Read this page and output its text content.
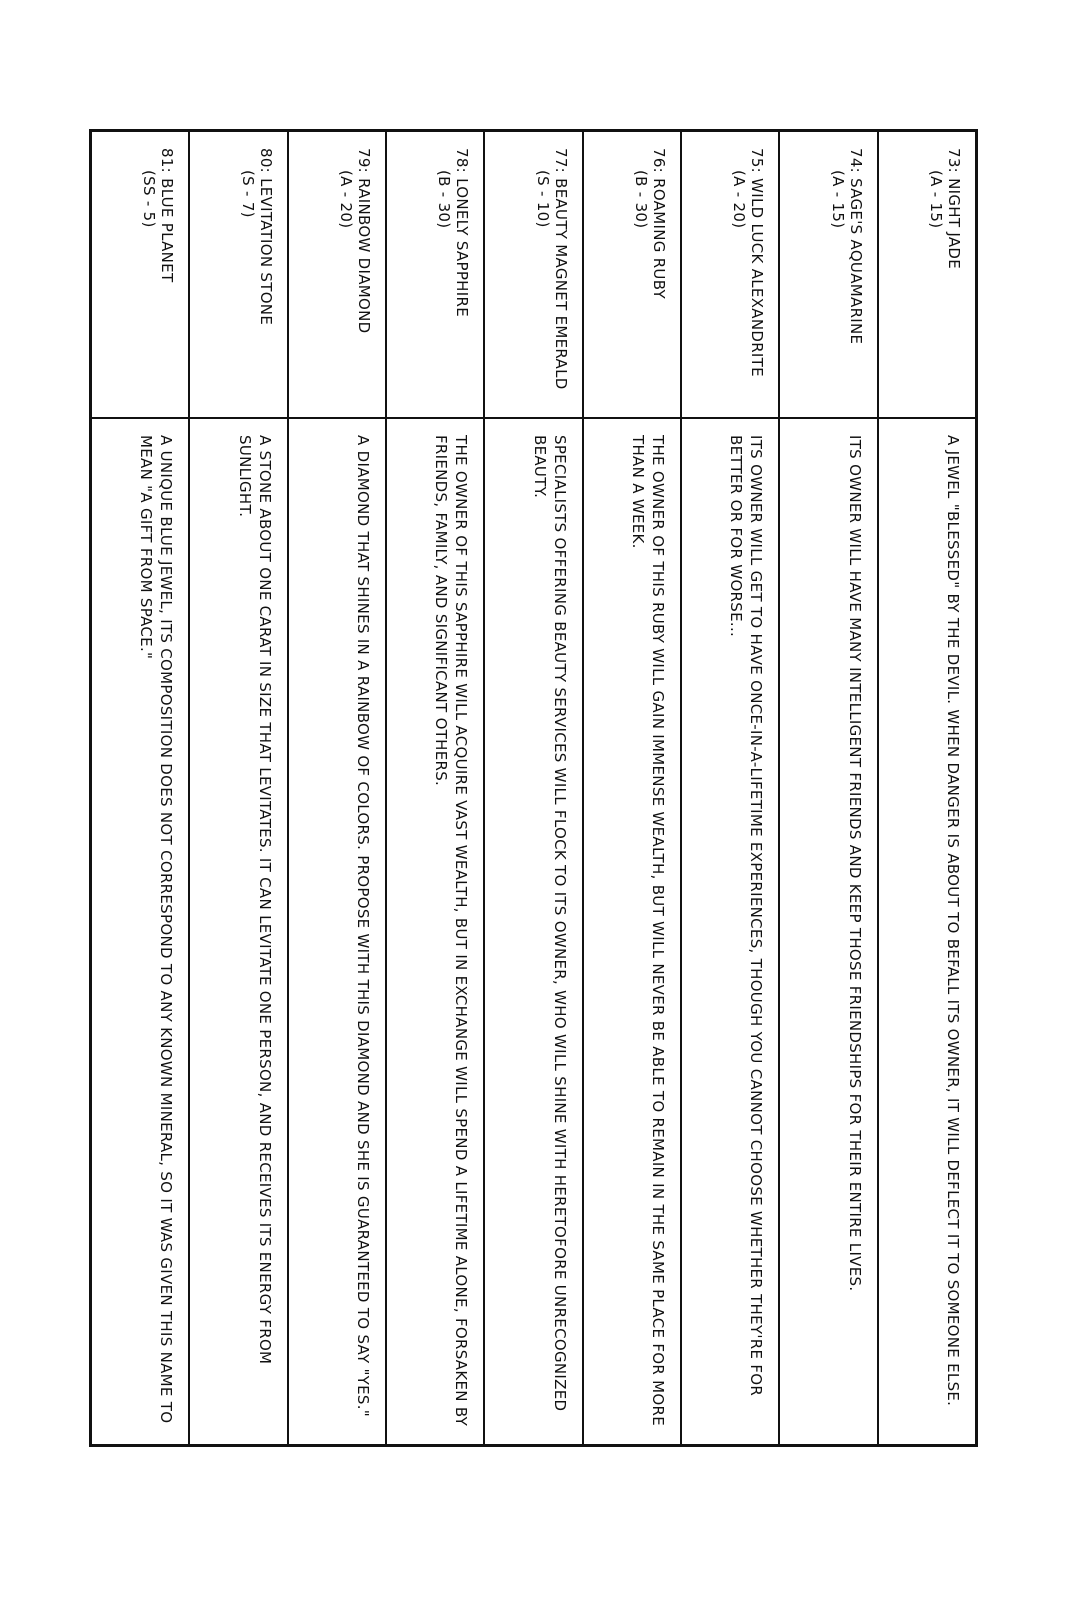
73: NIGHT JADE
(A - 15)
A JEWEL "BLESSED" BY THE DEVIL. WHEN DANGER IS ABOUT TO BEFALL ITS OWNER, IT WILL DEFLECT IT TO SOMEONE ELSE.
74: SAGE'S AQUAMARINE
(A - 15)
ITS OWNER WILL HAVE MANY INTELLIGENT FRIENDS AND KEEP THOSE FRIENDSHIPS FOR THEIR ENTIRE LIVES.
75: WILD LUCK ALEXANDRITE
(A - 20)
ITS OWNER WILL GET TO HAVE ONCE-IN-A-LIFETIME EXPERIENCES, THOUGH YOU CANNOT CHOOSE WHETHER THEY'RE FOR BETTER OR FOR WORSE...
76: ROAMING RUBY
(B - 30)
THE OWNER OF THIS RUBY WILL GAIN IMMENSE WEALTH, BUT WILL NEVER BE ABLE TO REMAIN IN THE SAME PLACE FOR MORE THAN A WEEK.
77: BEAUTY MAGNET EMERALD
(S - 10)
SPECIALISTS OFFERING BEAUTY SERVICES WILL FLOCK TO ITS OWNER, WHO WILL SHINE WITH HERETOFORE UNRECOGNIZED BEAUTY.
78: LONELY SAPPHIRE
(B - 30)
THE OWNER OF THIS SAPPHIRE WILL ACQUIRE VAST WEALTH, BUT IN EXCHANGE WILL SPEND A LIFETIME ALONE, FORSAKEN BY FRIENDS, FAMILY, AND SIGNIFICANT OTHERS.
79: RAINBOW DIAMOND
(A - 20)
A DIAMOND THAT SHINES IN A RAINBOW OF COLORS. PROPOSE WITH THIS DIAMOND AND SHE IS GUARANTEED TO SAY "YES."
80: LEVITATION STONE
(S - 7)
A STONE ABOUT ONE CARAT IN SIZE THAT LEVITATES. IT CAN LEVITATE ONE PERSON, AND RECEIVES ITS ENERGY FROM SUNLIGHT.
81: BLUE PLANET
(SS - 5)
A UNIQUE BLUE JEWEL, ITS COMPOSITION DOES NOT CORRESPOND TO ANY KNOWN MINERAL, SO IT WAS GIVEN THIS NAME TO MEAN "A GIFT FROM SPACE."
